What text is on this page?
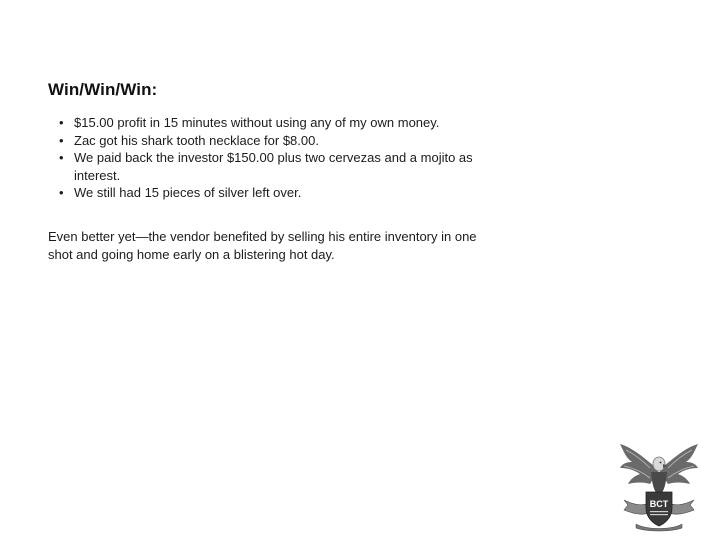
Win/Win/Win:
• $15.00 profit in 15 minutes without using any of my own money.
• Zac got his shark tooth necklace for $8.00.
• We paid back the investor $150.00 plus two cervezas and a mojito as interest.
• We still had 15 pieces of silver left over.

Even better yet—the vendor benefited by selling his entire inventory in one shot and going home early on a blistering hot day.

BCT
